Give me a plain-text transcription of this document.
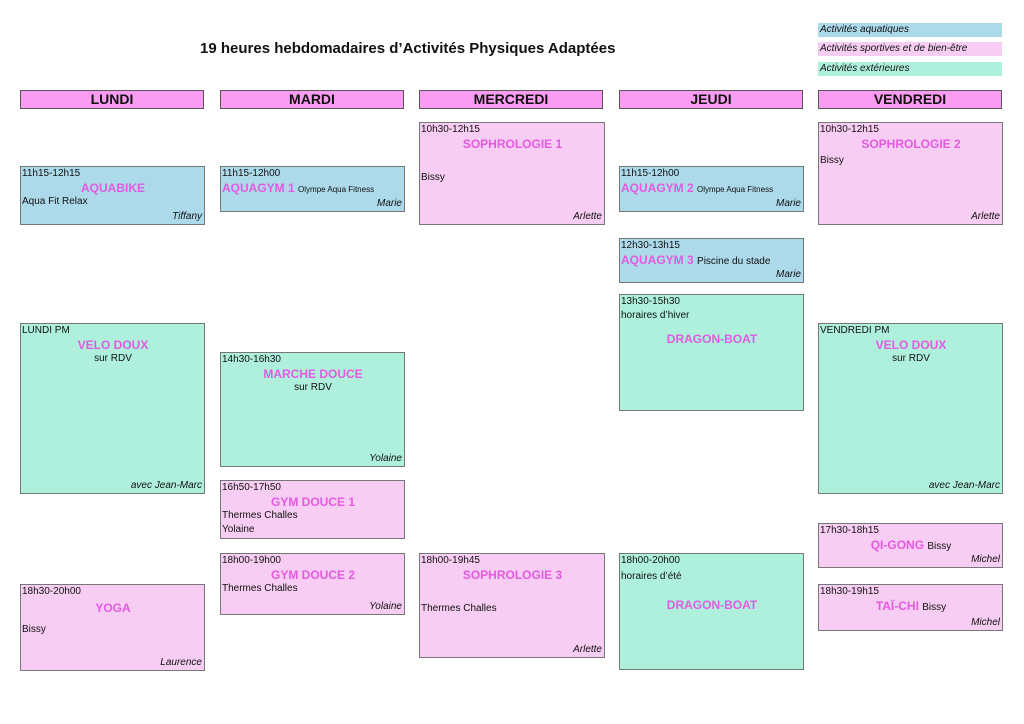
19 heures hebdomadaires d’Activités Physiques Adaptées
Activités aquatiques
Activités sportives et de bien-être
Activités extérieures
LUNDI	MARDI	MERCREDI	JEUDI	VENDREDI
11h15-12h15
AQUABIKE
Aqua Fit Relax
Tiffany
LUNDI PM
VELO DOUX
sur RDV
avec Jean-Marc
18h30-20h00
YOGA
Bissy
Laurence
11h15-12h00
AQUAGYM 1 Olympe Aqua Fitness
Marie
14h30-16h30
MARCHE DOUCE
sur RDV
Yolaine
16h50-17h50
GYM DOUCE 1
Thermes Challes
Yolaine
18h00-19h00
GYM DOUCE 2
Thermes Challes
Yolaine
10h30-12h15
SOPHROLOGIE 1
Bissy
Arlette
18h00-19h45
SOPHROLOGIE 3
Thermes Challes
Arlette
11h15-12h00
AQUAGYM 2 Olympe Aqua Fitness
Marie
12h30-13h15
AQUAGYM 3 Piscine du stade
Marie
13h30-15h30
horaires d’hiver
DRAGON-BOAT
18h00-20h00
horaires d’été
DRAGON-BOAT
10h30-12h15
SOPHROLOGIE 2
Bissy
Arlette
VENDREDI PM
VELO DOUX
sur RDV
avec Jean-Marc
17h30-18h15
QI-GONG Bissy
Michel
18h30-19h15
TAÏ-CHI Bissy
Michel
